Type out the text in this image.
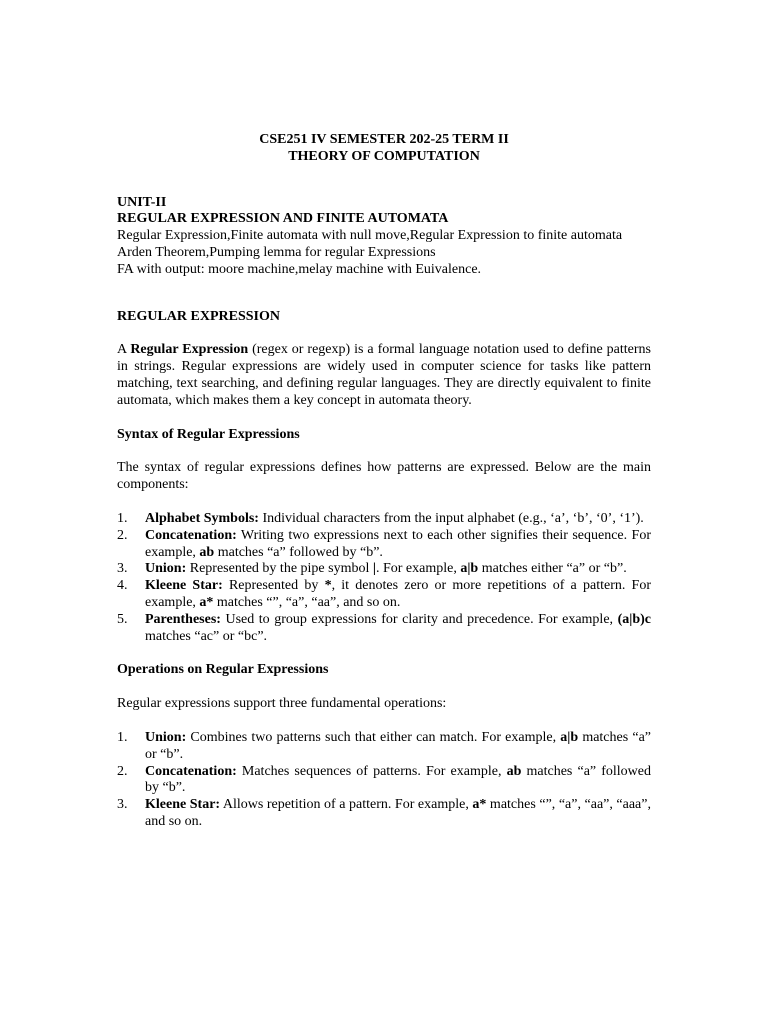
CSE251 IV SEMESTER 202-25 TERM II
THEORY OF COMPUTATION
UNIT-II
REGULAR EXPRESSION AND FINITE AUTOMATA
Regular Expression,Finite automata with null move,Regular Expression to finite automata
Arden Theorem,Pumping lemma for regular Expressions
FA with output: moore machine,melay machine with Euivalence.
REGULAR EXPRESSION

A Regular Expression (regex or regexp) is a formal language notation used to define patterns in strings. Regular expressions are widely used in computer science for tasks like pattern matching, text searching, and defining regular languages. They are directly equivalent to finite automata, which makes them a key concept in automata theory.

Syntax of Regular Expressions

The syntax of regular expressions defines how patterns are expressed. Below are the main components:

1. Alphabet Symbols: Individual characters from the input alphabet (e.g., ‘a’, ‘b’, ‘0’, ‘1’).
2. Concatenation: Writing two expressions next to each other signifies their sequence. For example, ab matches “a” followed by “b”.
3. Union: Represented by the pipe symbol |. For example, a|b matches either “a” or “b”.
4. Kleene Star: Represented by *, it denotes zero or more repetitions of a pattern. For example, a* matches “”, “a”, “aa”, and so on.
5. Parentheses: Used to group expressions for clarity and precedence. For example, (a|b)c matches “ac” or “bc”.
Operations on Regular Expressions

Regular expressions support three fundamental operations:

1. Union: Combines two patterns such that either can match. For example, a|b matches “a” or “b”.
2. Concatenation: Matches sequences of patterns. For example, ab matches “a” followed by “b”.
3. Kleene Star: Allows repetition of a pattern. For example, a* matches “”, “a”, “aa”, “aaa”, and so on.
